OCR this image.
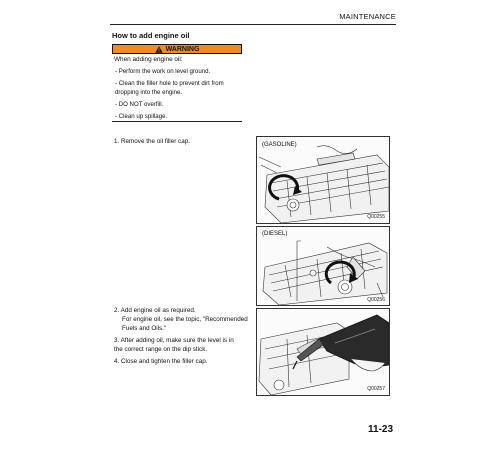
MAINTENANCE
How to add engine oil
WARNING
When adding engine oil:
- Perform the work on level ground.
- Clean the filler hole to prevent dirt from dropping into the engine.
- DO NOT overfill.
- Clean up spillage.
1. Remove the oil filler cap.
2. Add engine oil as required.
For engine oil, see the topic, "Recommended Fuels and Oils."
3. After adding oil, make sure the level is in the correct range on the dip stick.
4. Close and tighten the filler cap.
(GASOLINE)
Q00255
(DIESEL)
Q00256
Q00257
11-23
